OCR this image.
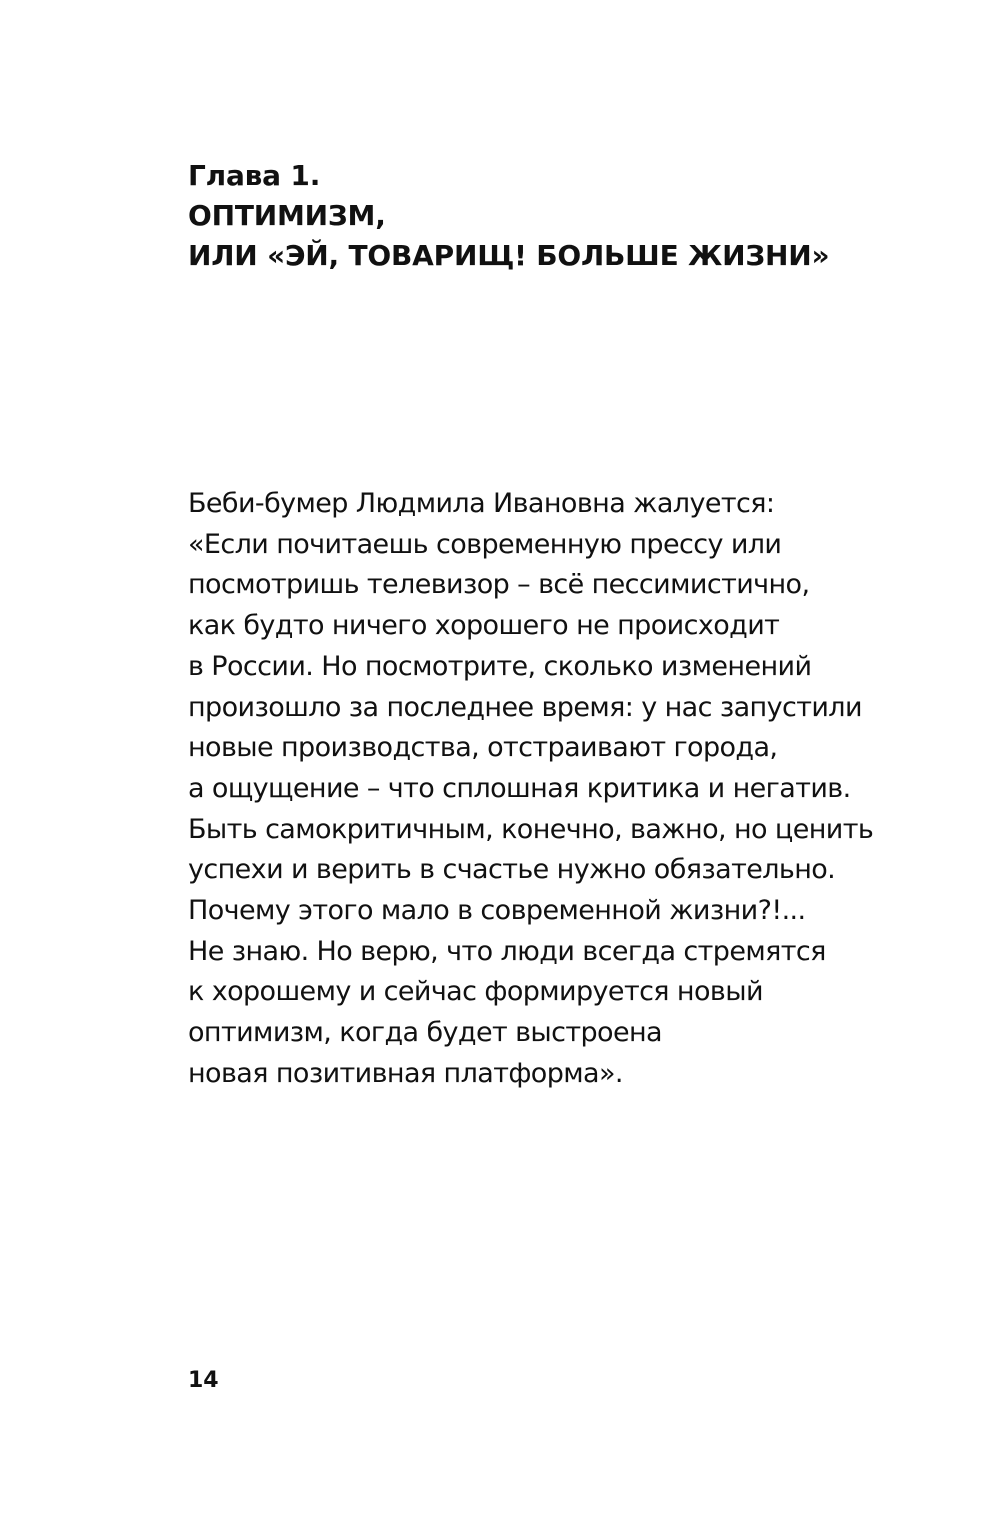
Глава 1.
ОПТИМИЗМ,
ИЛИ «ЭЙ, ТОВАРИЩ! БОЛЬШЕ ЖИЗНИ»

Беби-бумер Людмила Ивановна жалуется:
«Если почитаешь современную прессу или
посмотришь телевизор – всё пессимистично,
как будто ничего хорошего не происходит
в России. Но посмотрите, сколько изменений
произошло за последнее время: у нас запустили
новые производства, отстраивают города,
а ощущение – что сплошная критика и негатив.
Быть самокритичным, конечно, важно, но ценить
успехи и верить в счастье нужно обязательно.
Почему этого мало в современной жизни?!...
Не знаю. Но верю, что люди всегда стремятся
к хорошему и сейчас формируется новый
оптимизм, когда будет выстроена
новая позитивная платформа».

14
